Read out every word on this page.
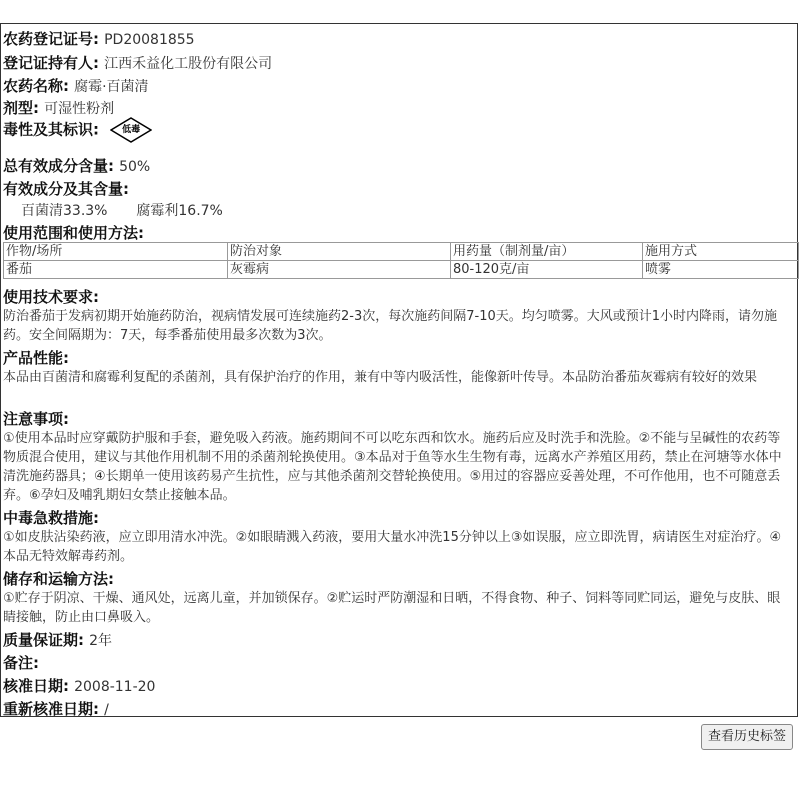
农药登记证号: PD20081855
登记证持有人: 江西禾益化工股份有限公司
农药名称: 腐霉·百菌清
剂型: 可湿性粉剂
毒性及其标识:	低毒
总有效成分含量: 50%
有效成分及其含量:
百菌清33.3% 腐霉利16.7%
使用范围和使用方法:
作物/场所	防治对象	用药量（制剂量/亩）	施用方式
番茄	灰霉病	80-120克/亩	喷雾
使用技术要求:
防治番茄于发病初期开始施药防治，视病情发展可连续施药2-3次，每次施药间隔7-10天。均匀喷雾。大风或预计1小时内降雨，请勿施药。安全间隔期为：7天，每季番茄使用最多次数为3次。
产品性能:
本品由百菌清和腐霉利复配的杀菌剂，具有保护治疗的作用，兼有中等内吸活性，能像新叶传导。本品防治番茄灰霉病有较好的效果
注意事项:
①使用本品时应穿戴防护服和手套，避免吸入药液。施药期间不可以吃东西和饮水。施药后应及时洗手和洗脸。②不能与呈碱性的农药等物质混合使用，建议与其他作用机制不用的杀菌剂轮换使用。③本品对于鱼等水生生物有毒，远离水产养殖区用药，禁止在河塘等水体中清洗施药器具；④长期单一使用该药易产生抗性，应与其他杀菌剂交替轮换使用。⑤用过的容器应妥善处理，不可作他用，也不可随意丢弃。⑥孕妇及哺乳期妇女禁止接触本品。
中毒急救措施:
①如皮肤沾染药液，应立即用清水冲洗。②如眼睛溅入药液，要用大量水冲洗15分钟以上③如误服，应立即洗胃，病请医生对症治疗。④本品无特效解毒药剂。
储存和运输方法:
①贮存于阴凉、干燥、通风处，远离儿童，并加锁保存。②贮运时严防潮湿和日晒，不得食物、种子、饲料等同贮同运，避免与皮肤、眼睛接触，防止由口鼻吸入。
质量保证期: 2年
备注:
核准日期: 2008-11-20
重新核准日期: /
查看历史标签
